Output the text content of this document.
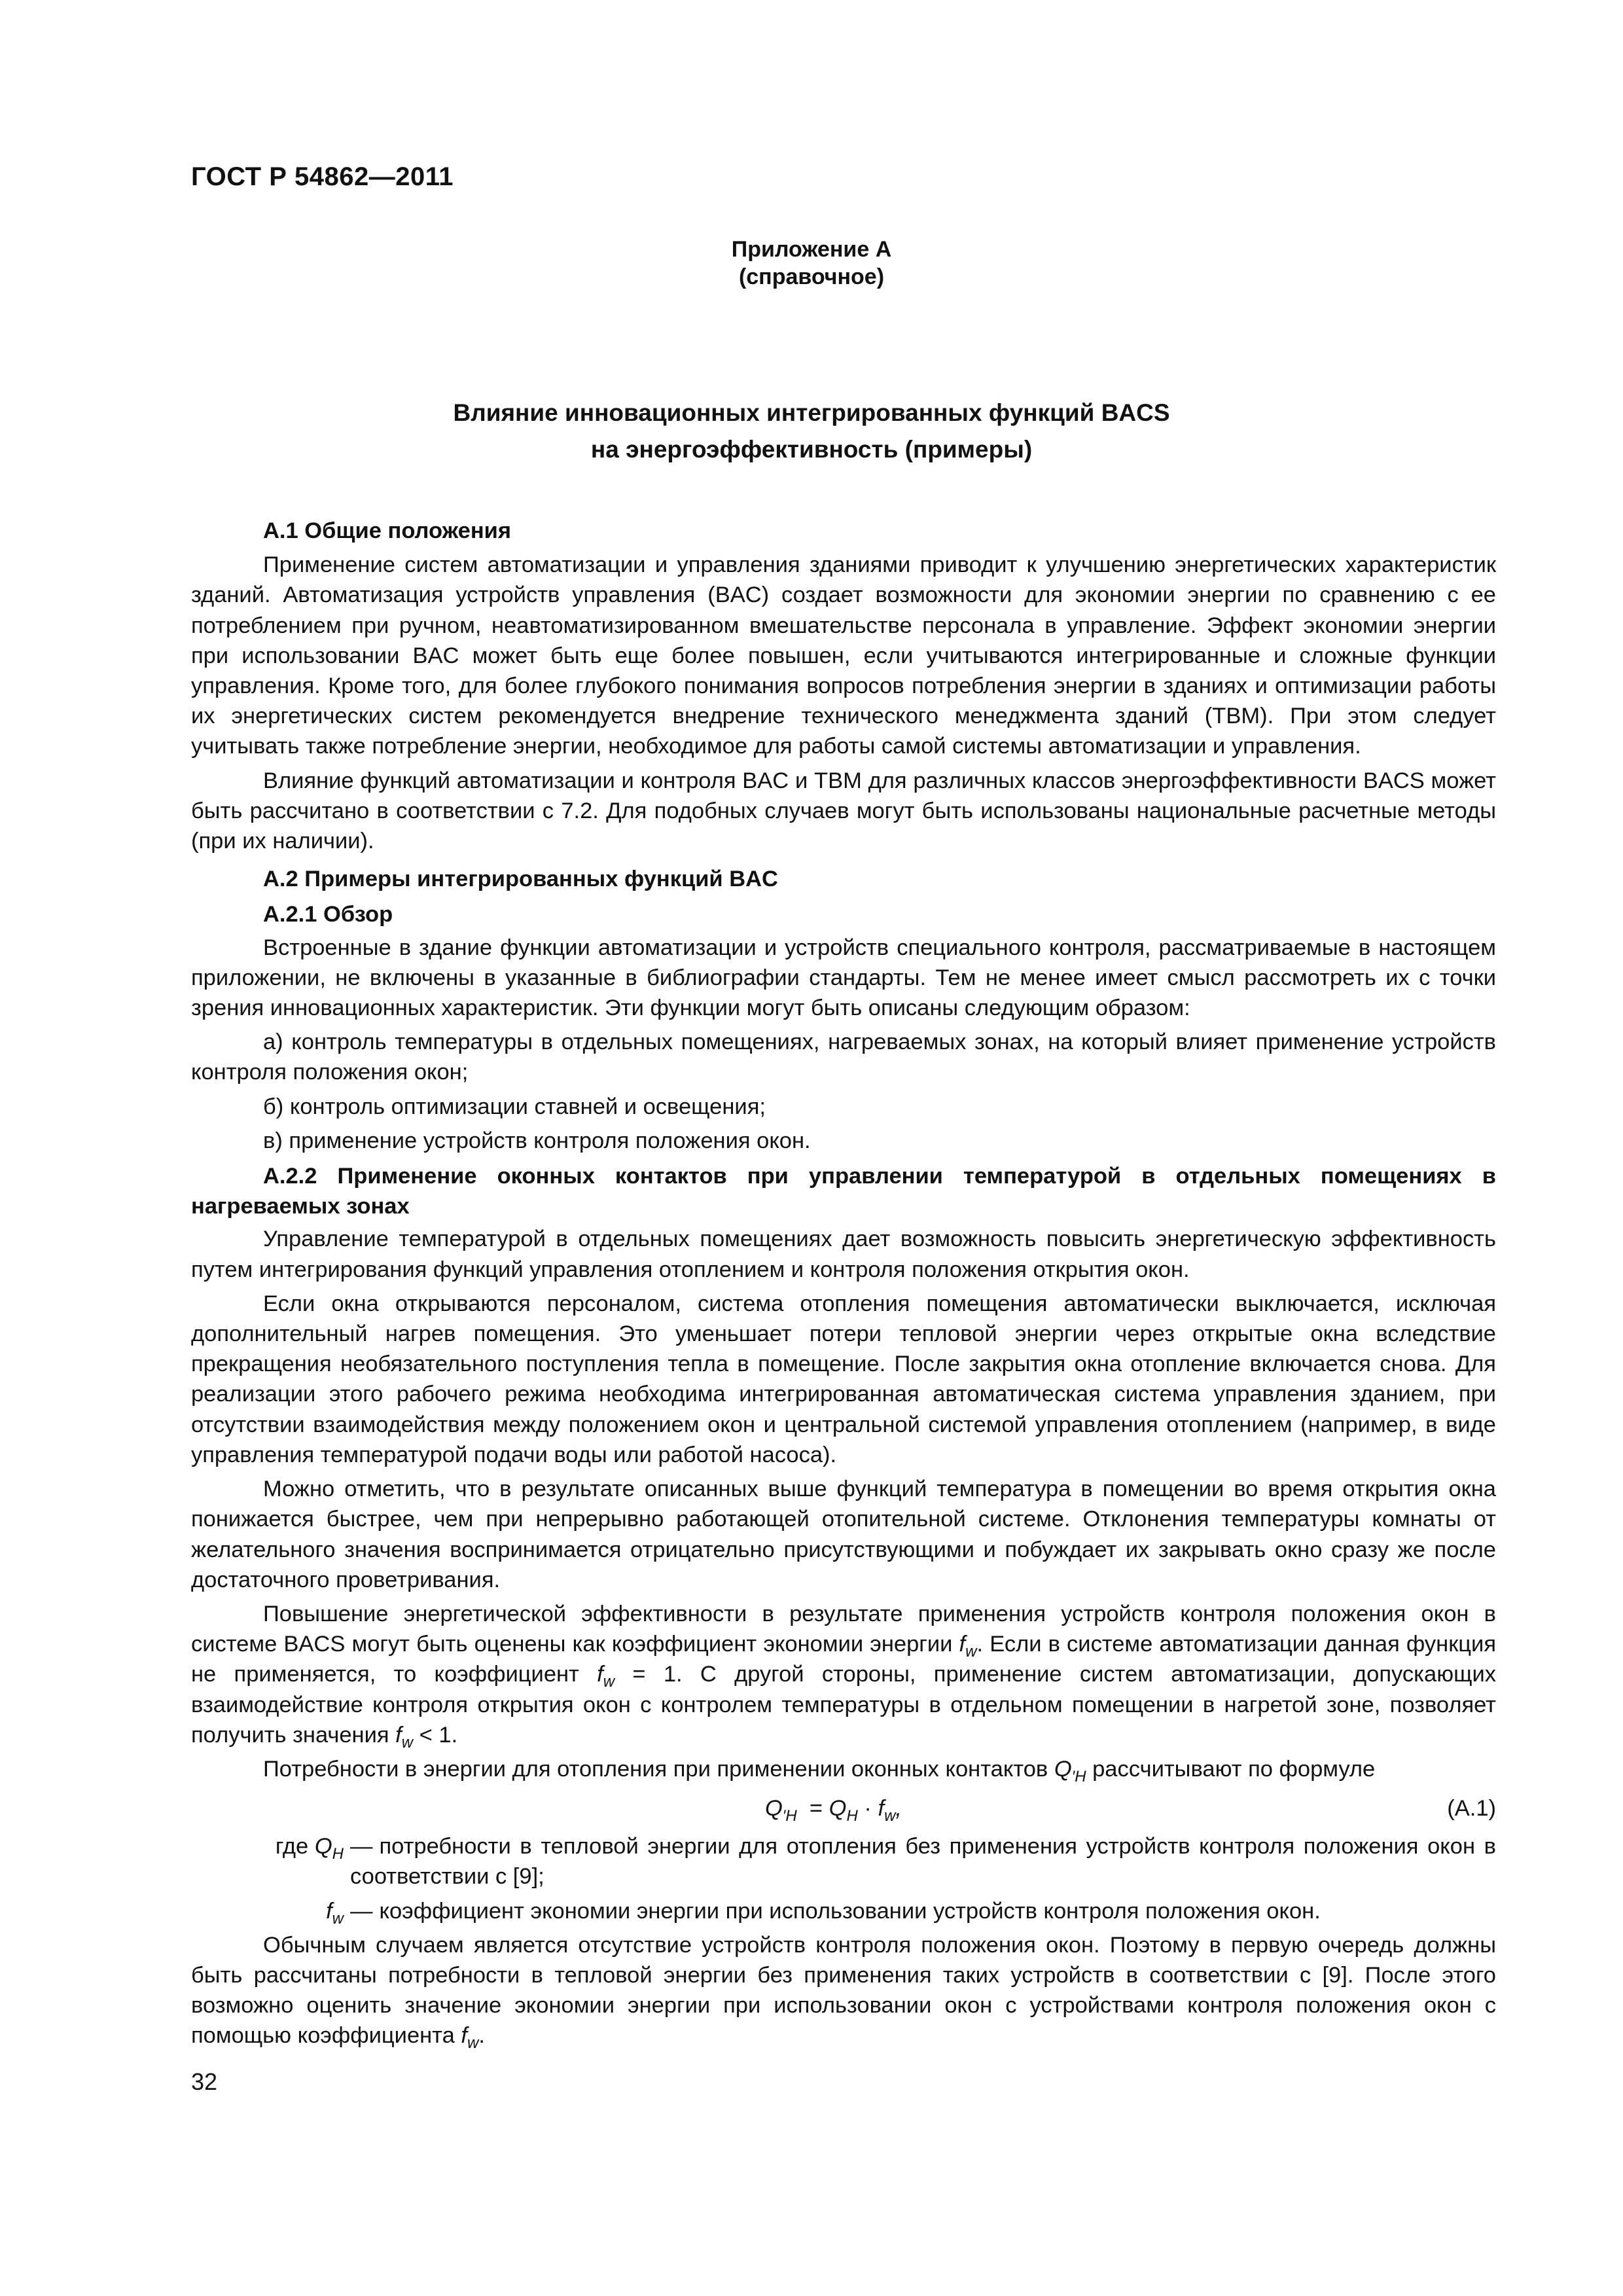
ГОСТ Р 54862—2011
Приложение А
(справочное)
Влияние инновационных интегрированных функций BACS
на энергоэффективность (примеры)

А.1 Общие положения

Применение систем автоматизации и управления зданиями приводит к улучшению энергетических характеристик зданий. Автоматизация устройств управления (BAC) создает возможности для экономии энергии по сравнению с ее потреблением при ручном, неавтоматизированном вмешательстве персонала в управление. Эффект экономии энергии при использовании BAC может быть еще более повышен, если учитываются интегрированные и сложные функции управления. Кроме того, для более глубокого понимания вопросов потребления энергии в зданиях и оптимизации работы их энергетических систем рекомендуется внедрение технического менеджмента зданий (ТВМ). При этом следует учитывать также потребление энергии, необходимое для работы самой системы автоматизации и управления.

Влияние функций автоматизации и контроля BAC и ТВМ для различных классов энергоэффективности BACS может быть рассчитано в соответствии с 7.2. Для подобных случаев могут быть использованы национальные расчетные методы (при их наличии).

А.2 Примеры интегрированных функций BAC

А.2.1 Обзор

Встроенные в здание функции автоматизации и устройств специального контроля, рассматриваемые в настоящем приложении, не включены в указанные в библиографии стандарты. Тем не менее имеет смысл рассмотреть их с точки зрения инновационных характеристик. Эти функции могут быть описаны следующим образом:

а) контроль температуры в отдельных помещениях, нагреваемых зонах, на который влияет применение устройств контроля положения окон;

б) контроль оптимизации ставней и освещения;

в) применение устройств контроля положения окон.

А.2.2 Применение оконных контактов при управлении температурой в отдельных помещениях в нагреваемых зонах

Управление температурой в отдельных помещениях дает возможность повысить энергетическую эффективность путем интегрирования функций управления отоплением и контроля положения открытия окон.

Если окна открываются персоналом, система отопления помещения автоматически выключается, исключая дополнительный нагрев помещения. Это уменьшает потери тепловой энергии через открытые окна вследствие прекращения необязательного поступления тепла в помещение. После закрытия окна отопление включается снова. Для реализации этого рабочего режима необходима интегрированная автоматическая система управления зданием, при отсутствии взаимодействия между положением окон и центральной системой управления отоплением (например, в виде управления температурой подачи воды или работой насоса).

Можно отметить, что в результате описанных выше функций температура в помещении во время открытия окна понижается быстрее, чем при непрерывно работающей отопительной системе. Отклонения температуры комнаты от желательного значения воспринимается отрицательно присутствующими и побуждает их закрывать окно сразу же после достаточного проветривания.

Повышение энергетической эффективности в результате применения устройств контроля положения окон в системе BACS могут быть оценены как коэффициент экономии энергии $f_w$. Если в системе автоматизации данная функция не применяется, то коэффициент $f_w = 1$. С другой стороны, применение систем автоматизации, допускающих взаимодействие контроля открытия окон с контролем температуры в отдельном помещении в нагретой зоне, позволяет получить значения $f_w < 1$.

Потребности в энергии для отопления при применении оконных контактов $Q_{'H}$ рассчитывают по формуле

$Q_{'H} = Q_H \cdot f_w$,	(А.1)
где $Q_H$ — потребности в тепловой энергии для отопления без применения устройств контроля положения окон в соответствии с [9];
$f_w$ — коэффициент экономии энергии при использовании устройств контроля положения окон.

Обычным случаем является отсутствие устройств контроля положения окон. Поэтому в первую очередь должны быть рассчитаны потребности в тепловой энергии без применения таких устройств в соответствии с [9]. После этого возможно оценить значение экономии энергии при использовании окон с устройствами контроля положения окон с помощью коэффициента $f_w$.

32
